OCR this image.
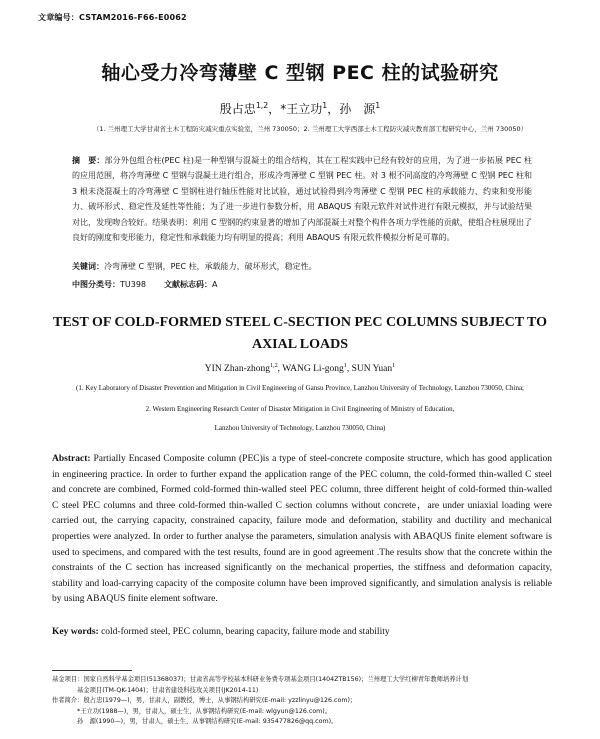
文章编号：CSTAM2016-F66-E0062
轴心受力冷弯薄壁 C 型钢 PEC 柱的试验研究
殷占忠$^{1,2}$，*王立功$^1$，孙　源$^1$
（1. 兰州理工大学甘肃省土木工程防灾减灾重点实验室，兰州 730050；2. 兰州理工大学西部土木工程防灾减灾教育部工程研究中心，兰州 730050）
摘　要：部分外包组合柱(PEC 柱)是一种型钢与混凝土的组合结构，其在工程实践中已经有较好的应用，为了进一步拓展 PEC 柱的应用范围，将冷弯薄壁 C 型钢与混凝土进行组合，形成冷弯薄壁 C 型钢 PEC 柱。对 3 根不同高度的冷弯薄壁 C 型钢 PEC 柱和 3 根未浇混凝土的冷弯薄壁 C 型钢柱进行轴压性能对比试验，通过试验得到冷弯薄壁 C 型钢 PEC 柱的承载能力、约束和变形能力、破坏形式、稳定性及延性等性能；为了进一步进行参数分析，用 ABAQUS 有限元软件对试件进行有限元模拟，并与试验结果对比，发现吻合较好。结果表明：利用 C 型钢的约束显著的增加了内部混凝土对整个构件各项力学性能的贡献，使组合柱展现出了良好的刚度和变形能力，稳定性和承载能力均有明显的提高；利用 ABAQUS 有限元软件模拟分析是可靠的。
关键词：冷弯薄壁 C 型钢，PEC 柱，承载能力，破坏形式，稳定性。
中图分类号：TU398 文献标志码：A
TEST OF COLD-FORMED STEEL C-SECTION PEC COLUMNS SUBJECT TO AXIAL LOADS
YIN Zhan-zhong$^{1,2}$, WANG Li-gong$^1$, SUN Yuan$^1$
(1. Key Laboratory of Disaster Prevention and Mitigation in Civil Engineering of Gansu Province, Lanzhou University of Technology, Lanzhou 730050, China;
2. Western Engineering Research Center of Disaster Mitigation in Civil Engineering of Ministry of Education,
Lanzhou University of Technology, Lanzhou 730050, China)
Abstract: Partially Encased Composite column (PEC)is a type of steel-concrete composite structure, which has good application in engineering practice. In order to further expand the application range of the PEC column, the cold-formed thin-walled C steel and concrete are combined, Formed cold-formed thin-walled steel PEC column, three different height of cold-formed thin-walled C steel PEC columns and three cold-formed thin-walled C section columns without concrete，are under uniaxial loading were carried out, the carrying capacity, constrained capacity, failure mode and deformation, stability and ductility and mechanical properties were analyzed. In order to further analyse the parameters, simulation analysis with ABAQUS finite element software is used to specimens, and compared with the test results, found are in good agreement .The results show that the concrete within the constraints of the C section has increased significantly on the mechanical properties, the stiffness and deformation capacity, stability and load-carrying capacity of the composite column have been improved significantly, and simulation analysis is reliable by using ABAQUS finite element software.
Key words: cold-formed steel, PEC column, bearing capacity, failure mode and stability
基金项目：国家自然科学基金项目(51368037)；甘肃省高等学校基本科研业务费专项基金项目(1404ZTB156)；兰州理工大学红柳青年教师培养计划
基金项目(TM-QK-1404)；甘肃省建设科技攻关项目(JK2014-11)
作者简介：殷占忠(1979—)，男，甘肃人，副教授，博士，从事钢结构研究(E-mail: yzzlinyu@126.com)；
*王立功(1988—)，男，甘肃人，硕士生，从事钢结构研究(E-mail: wlgyun@126.com)。
孙　源(1990—)，男，甘肃人，硕士生，从事钢结构研究(E-mail: 935477826@qq.com)。
